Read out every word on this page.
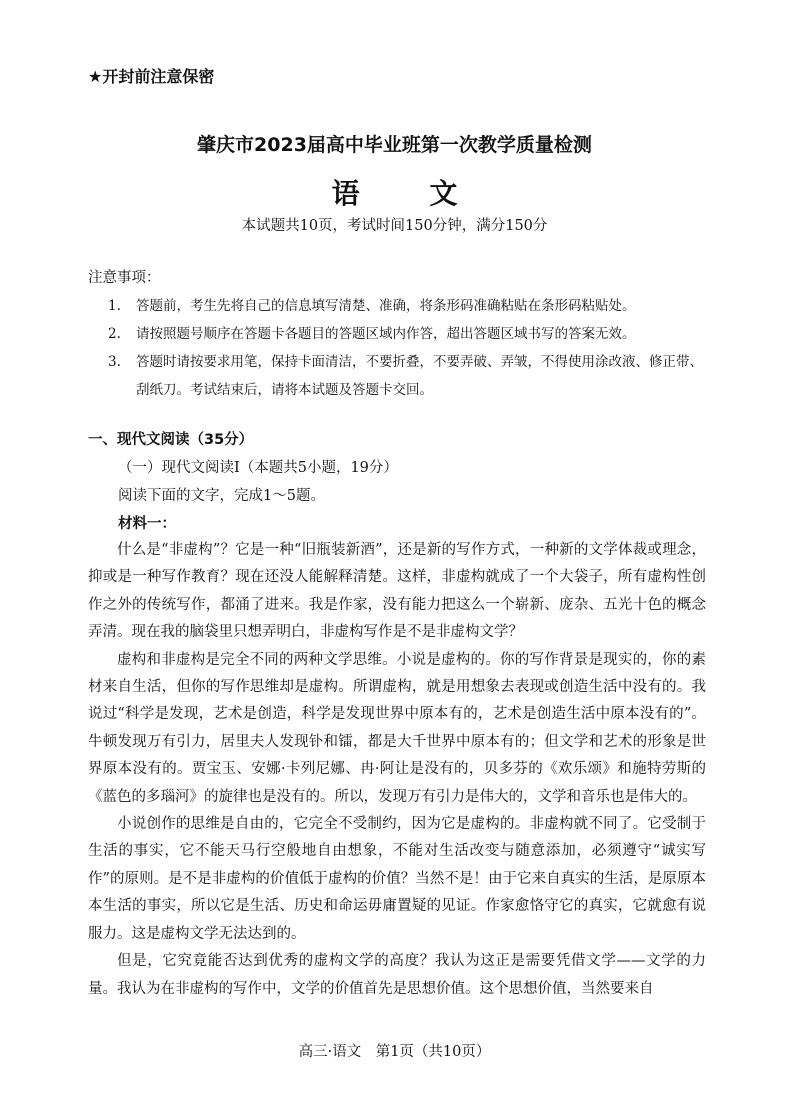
★开封前注意保密
肇庆市2023届高中毕业班第一次教学质量检测
语 文
本试题共10页，考试时间150分钟，满分150分
注意事项：
1.	答题前，考生先将自己的信息填写清楚、准确，将条形码准确粘贴在条形码粘贴处。
2.	请按照题号顺序在答题卡各题目的答题区域内作答，超出答题区域书写的答案无效。
3.	答题时请按要求用笔，保持卡面清洁，不要折叠，不要弄破、弄皱，不得使用涂改液、修正带、刮纸刀。考试结束后，请将本试题及答题卡交回。
一、现代文阅读（35分）
（一）现代文阅读Ⅰ（本题共5小题，19分）
阅读下面的文字，完成1～5题。
材料一：

什么是“非虚构”？它是一种“旧瓶装新酒”，还是新的写作方式，一种新的文学体裁或理念，抑或是一种写作教育？现在还没人能解释清楚。这样，非虚构就成了一个大袋子，所有虚构性创作之外的传统写作，都涌了进来。我是作家，没有能力把这么一个崭新、庞杂、五光十色的概念弄清。现在我的脑袋里只想弄明白，非虚构写作是不是非虚构文学？

虚构和非虚构是完全不同的两种文学思维。小说是虚构的。你的写作背景是现实的，你的素材来自生活，但你的写作思维却是虚构。所谓虚构，就是用想象去表现或创造生活中没有的。我说过“科学是发现，艺术是创造，科学是发现世界中原本有的，艺术是创造生活中原本没有的”。牛顿发现万有引力，居里夫人发现钋和镭，都是大千世界中原本有的；但文学和艺术的形象是世界原本没有的。贾宝玉、安娜·卡列尼娜、冉·阿让是没有的，贝多芬的《欢乐颂》和施特劳斯的《蓝色的多瑙河》的旋律也是没有的。所以，发现万有引力是伟大的，文学和音乐也是伟大的。

小说创作的思维是自由的，它完全不受制约，因为它是虚构的。非虚构就不同了。它受制于生活的事实，它不能天马行空般地自由想象，不能对生活改变与随意添加，必须遵守“诚实写作”的原则。是不是非虚构的价值低于虚构的价值？当然不是！由于它来自真实的生活，是原原本本生活的事实，所以它是生活、历史和命运毋庸置疑的见证。作家愈恪守它的真实，它就愈有说服力。这是虚构文学无法达到的。

但是，它究竟能否达到优秀的虚构文学的高度？我认为这正是需要凭借文学——文学的力量。我认为在非虚构的写作中，文学的价值首先是思想价值。这个思想价值，当然要来自

高三·语文　第1页（共10页）
